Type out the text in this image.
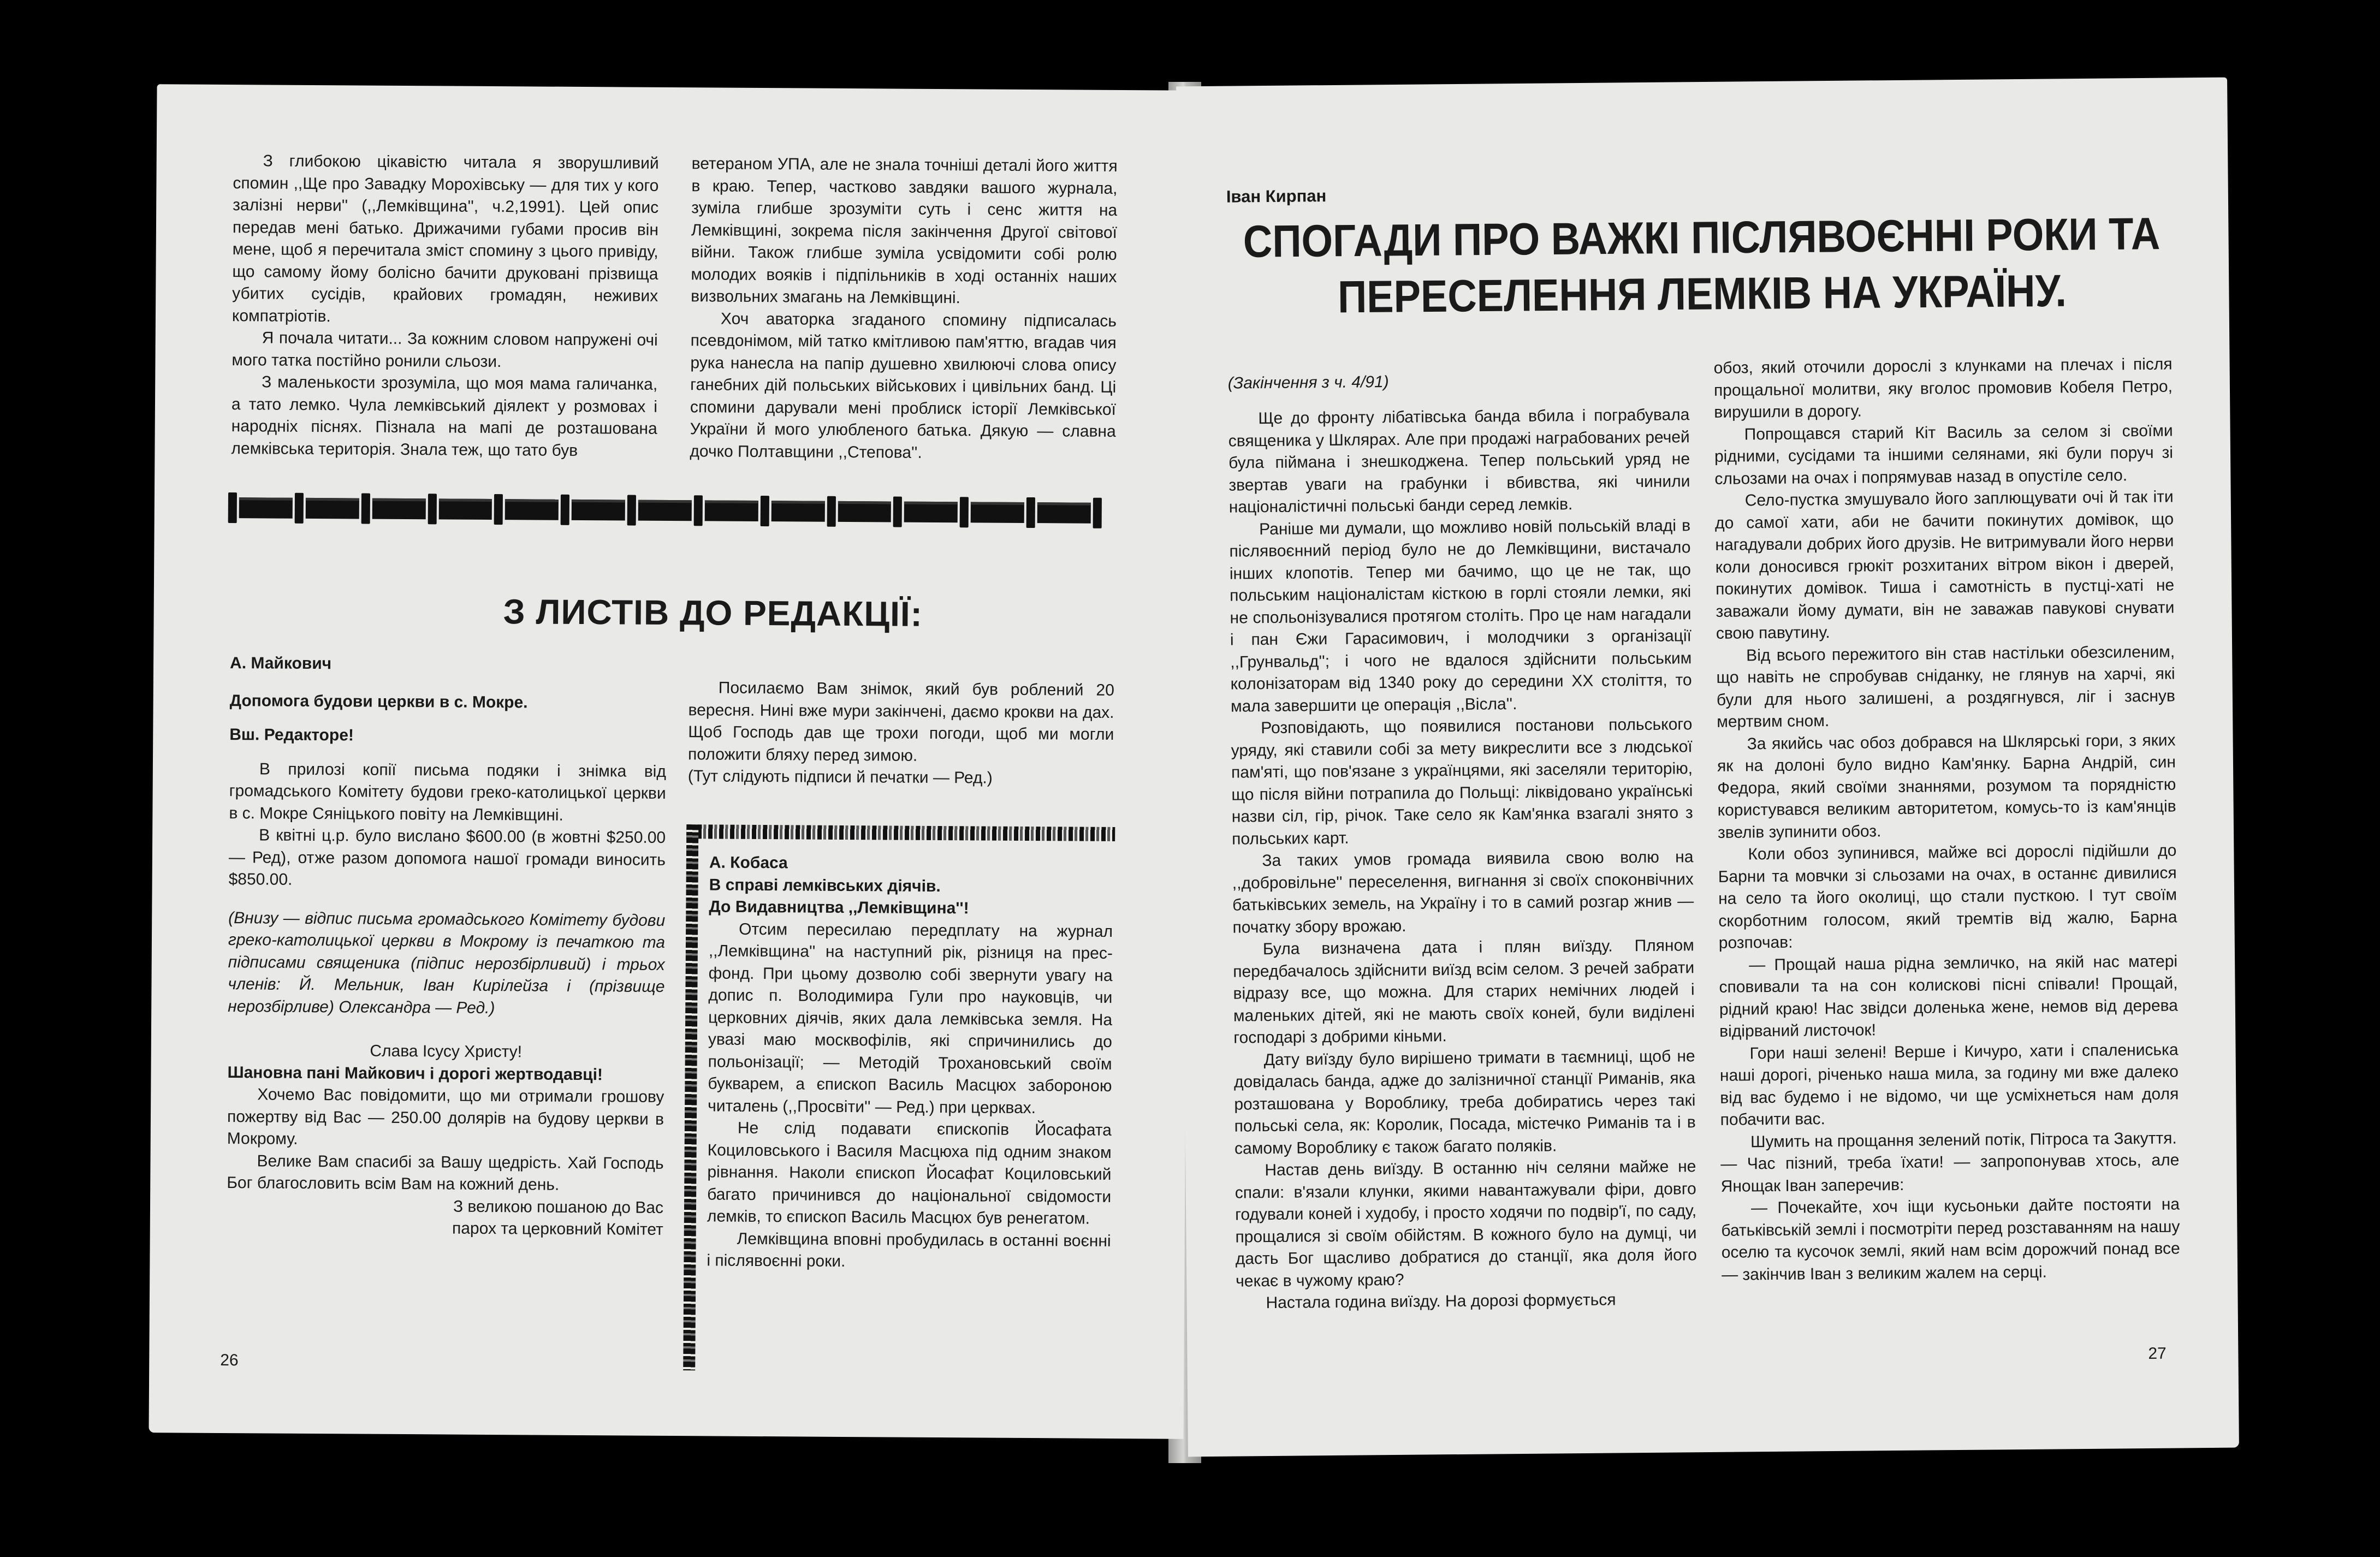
З глибокою цікавістю читала я зворушливий спомин ,,Ще про Завадку Морохівську — для тих у кого залізні нерви'' (,,Лемківщина'', ч.2,1991). Цей опис передав мені батько. Дрижачими губами просив він мене, щоб я перечитала зміст спомину з цього привіду, що самому йому болісно бачити друковані прізвища убитих сусідів, крайових громадян, неживих компатріотів.

Я почала читати... За кожним словом напружені очі мого татка постійно ронили сльози.

З маленькости зрозуміла, що моя мама галичанка, а тато лемко. Чула лемківський діялект у розмовах і народніх піснях. Пізнала на мапі де розташована лемківська територія. Знала теж, що тато був

ветераном УПА, але не знала точніші деталі його життя в краю. Тепер, частково завдяки вашого журнала, зуміла глибше зрозуміти суть і сенс життя на Лемківщині, зокрема після закінчення Другої світової війни. Також глибше зуміла усвідомити собі ролю молодих вояків і підпільників в ході останніх наших визвольних змагань на Лемківщині.

Хоч аваторка згаданого спомину підписалась псевдонімом, мій татко кмітливою пам'яттю, вгадав чия рука нанесла на папір душевно хвилюючі слова опису ганебних дій польських військових і цивільних банд. Ці спомини дарували мені проблиск історії Лемківської України й мого улюбленого батька. Дякую — славна дочко Полтавщини ,,Степова''.

З ЛИСТІВ ДО РЕДАКЦІЇ:

А. Майкович

Допомога будови церкви в с. Мокре.

Вш. Редакторе!

В прилозі копії письма подяки і знімка від громадського Комітету будови греко-католицької церкви в с. Мокре Сяніцького повіту на Лемківщині.

В квітні ц.р. було вислано $600.00 (в жовтні $250.00 — Ред), отже разом допомога нашої громади виносить $850.00.

(Внизу — відпис письма громадського Комітету будови греко-католицької церкви в Мокрому із печаткою та підписами священика (підпис нерозбірливий) і трьох членів: Й. Мельник, Іван Кирілейза і (прізвище нерозбірливе) Олександра — Ред.)

Слава Ісусу Христу!

Шановна пані Майкович і дорогі жертводавці!

Хочемо Вас повідомити, що ми отримали грошову пожертву від Вас — 250.00 долярів на будову церкви в Мокрому.

Велике Вам спасибі за Вашу щедрість. Хай Господь Бог благословить всім Вам на кожний день.

З великою пошаною до Вас

парох та церковний Комітет

Посилаємо Вам знімок, який був роблений 20 вересня. Нині вже мури закінчені, даємо крокви на дах. Щоб Господь дав ще трохи погоди, щоб ми могли положити бляху перед зимою.

(Тут слідують підписи й печатки — Ред.)

А. Кобаса

В справі лемківських діячів.

До Видавництва ,,Лемківщина''!

Отсим пересилаю передплату на журнал ,,Лемківщина'' на наступний рік, різниця на прес-фонд. При цьому дозволю собі звернути увагу на допис п. Володимира Гули про науковців, чи церковних діячів, яких дала лемківська земля. На увазі маю москвофілів, які спричинились до польонізації; — Методій Трохановський своїм букварем, а єпископ Василь Масцюх забороною читалень (,,Просвіти'' — Ред.) при церквах.

Не слід подавати єпископів Йосафата Коциловського і Василя Масцюха під одним знаком рівнання. Наколи єпископ Йосафат Коциловський багато причинився до національної свідомости лемків, то єпископ Василь Масцюх був ренегатом.

Лемківщина вповні пробудилась в останні воєнні і післявоєнні роки.

26
Іван Кирпан
СПОГАДИ ПРО ВАЖКІ ПІСЛЯВОЄННІ РОКИ ТА
ПЕРЕСЕЛЕННЯ ЛЕМКІВ НА УКРАЇНУ.
(Закінчення з ч. 4/91)

Ще до фронту лібатівська банда вбила і пограбувала священика у Шклярах. Але при продажі награбованих речей була піймана і знешкоджена. Тепер польський уряд не звертав уваги на грабунки і вбивства, які чинили націоналістичні польські банди серед лемків.

Раніше ми думали, що можливо новій польській владі в післявоєнний період було не до Лемківщини, вистачало інших клопотів. Тепер ми бачимо, що це не так, що польським націоналістам кісткою в горлі стояли лемки, які не спольонізувалися протягом століть. Про це нам нагадали і пан Єжи Гарасимович, і молодчики з організації ,,Грунвальд''; і чого не вдалося здійснити польським колонізаторам від 1340 року до середини XX століття, то мала завершити це операція ,,Вісла''.

Розповідають, що появилися постанови польського уряду, які ставили собі за мету викреслити все з людської пам'яті, що пов'язане з українцями, які заселяли територію, що після війни потрапила до Польщі: ліквідовано українські назви сіл, гір, річок. Таке село як Кам'янка взагалі знято з польських карт.

За таких умов громада виявила свою волю на ,,добровільне'' переселення, вигнання зі своїх споконвічних батьківських земель, на Україну і то в самий розгар жнив — початку збору врожаю.

Була визначена дата і плян виїзду. Пляном передбачалось здійснити виїзд всім селом. З речей забрати відразу все, що можна. Для старих немічних людей і маленьких дітей, які не мають своїх коней, були виділені господарі з добрими кіньми.

Дату виїзду було вирішено тримати в таємниці, щоб не довідалась банда, адже до залізничної станції Риманів, яка розташована у Вороблику, треба добиратись через такі польські села, як: Королик, Посада, містечко Риманів та і в самому Вороблику є також багато поляків.

Настав день виїзду. В останню ніч селяни майже не спали: в'язали клунки, якими навантажували фіри, довго годували коней і худобу, і просто ходячи по подвір'ї, по саду, прощалися зі своїм обійстям. В кожного було на думці, чи дасть Бог щасливо добратися до станції, яка доля його чекає в чужому краю?

Настала година виїзду. На дорозі формується

обоз, який оточили дорослі з клунками на плечах і після прощальної молитви, яку вголос промовив Кобеля Петро, вирушили в дорогу.

Попрощався старий Кіт Василь за селом зі своїми рідними, сусідами та іншими селянами, які були поруч зі сльозами на очах і попрямував назад в опустіле село.

Село-пустка змушувало його заплющувати очі й так іти до самої хати, аби не бачити покинутих домівок, що нагадували добрих його друзів. Не витримували його нерви коли доносився грюкіт розхитаних вітром вікон і дверей, покинутих домівок. Тиша і самотність в пустці-хаті не заважали йому думати, він не заважав павукові снувати свою павутину.

Від всього пережитого він став настільки обезсиленим, що навіть не спробував сніданку, не глянув на харчі, які були для нього залишені, а роздягнувся, ліг і заснув мертвим сном.

За якийсь час обоз добрався на Шклярські гори, з яких як на долоні було видно Кам'янку. Барна Андрій, син Федора, який своїми знаннями, розумом та порядністю користувався великим авторитетом, комусь-то із кам'янців звелів зупинити обоз.

Коли обоз зупинився, майже всі дорослі підійшли до Барни та мовчки зі сльозами на очах, в останнє дивилися на село та його околиці, що стали пусткою. І тут своїм скорботним голосом, який тремтів від жалю, Барна розпочав:

— Прощай наша рідна земличко, на якій нас матері сповивали та на сон колискові пісні співали! Прощай, рідний краю! Нас звідси доленька жене, немов від дерева відірваний листочок!

Гори наші зелені! Верше і Кичуро, хати і спалениська наші дорогі, річенько наша мила, за годину ми вже далеко від вас будемо і не відомо, чи ще усміхнеться нам доля побачити вас.

Шумить на прощання зелений потік, Пітроса та Закуття.

— Час пізний, треба їхати! — запропонував хтось, але Янощак Іван заперечив:

— Почекайте, хоч іщи кусьоньки дайте постояти на батьківській землі і посмотріти перед розставанням на нашу оселю та кусочок землі, який нам всім дорожчий понад все — закінчив Іван з великим жалем на серці.

27
